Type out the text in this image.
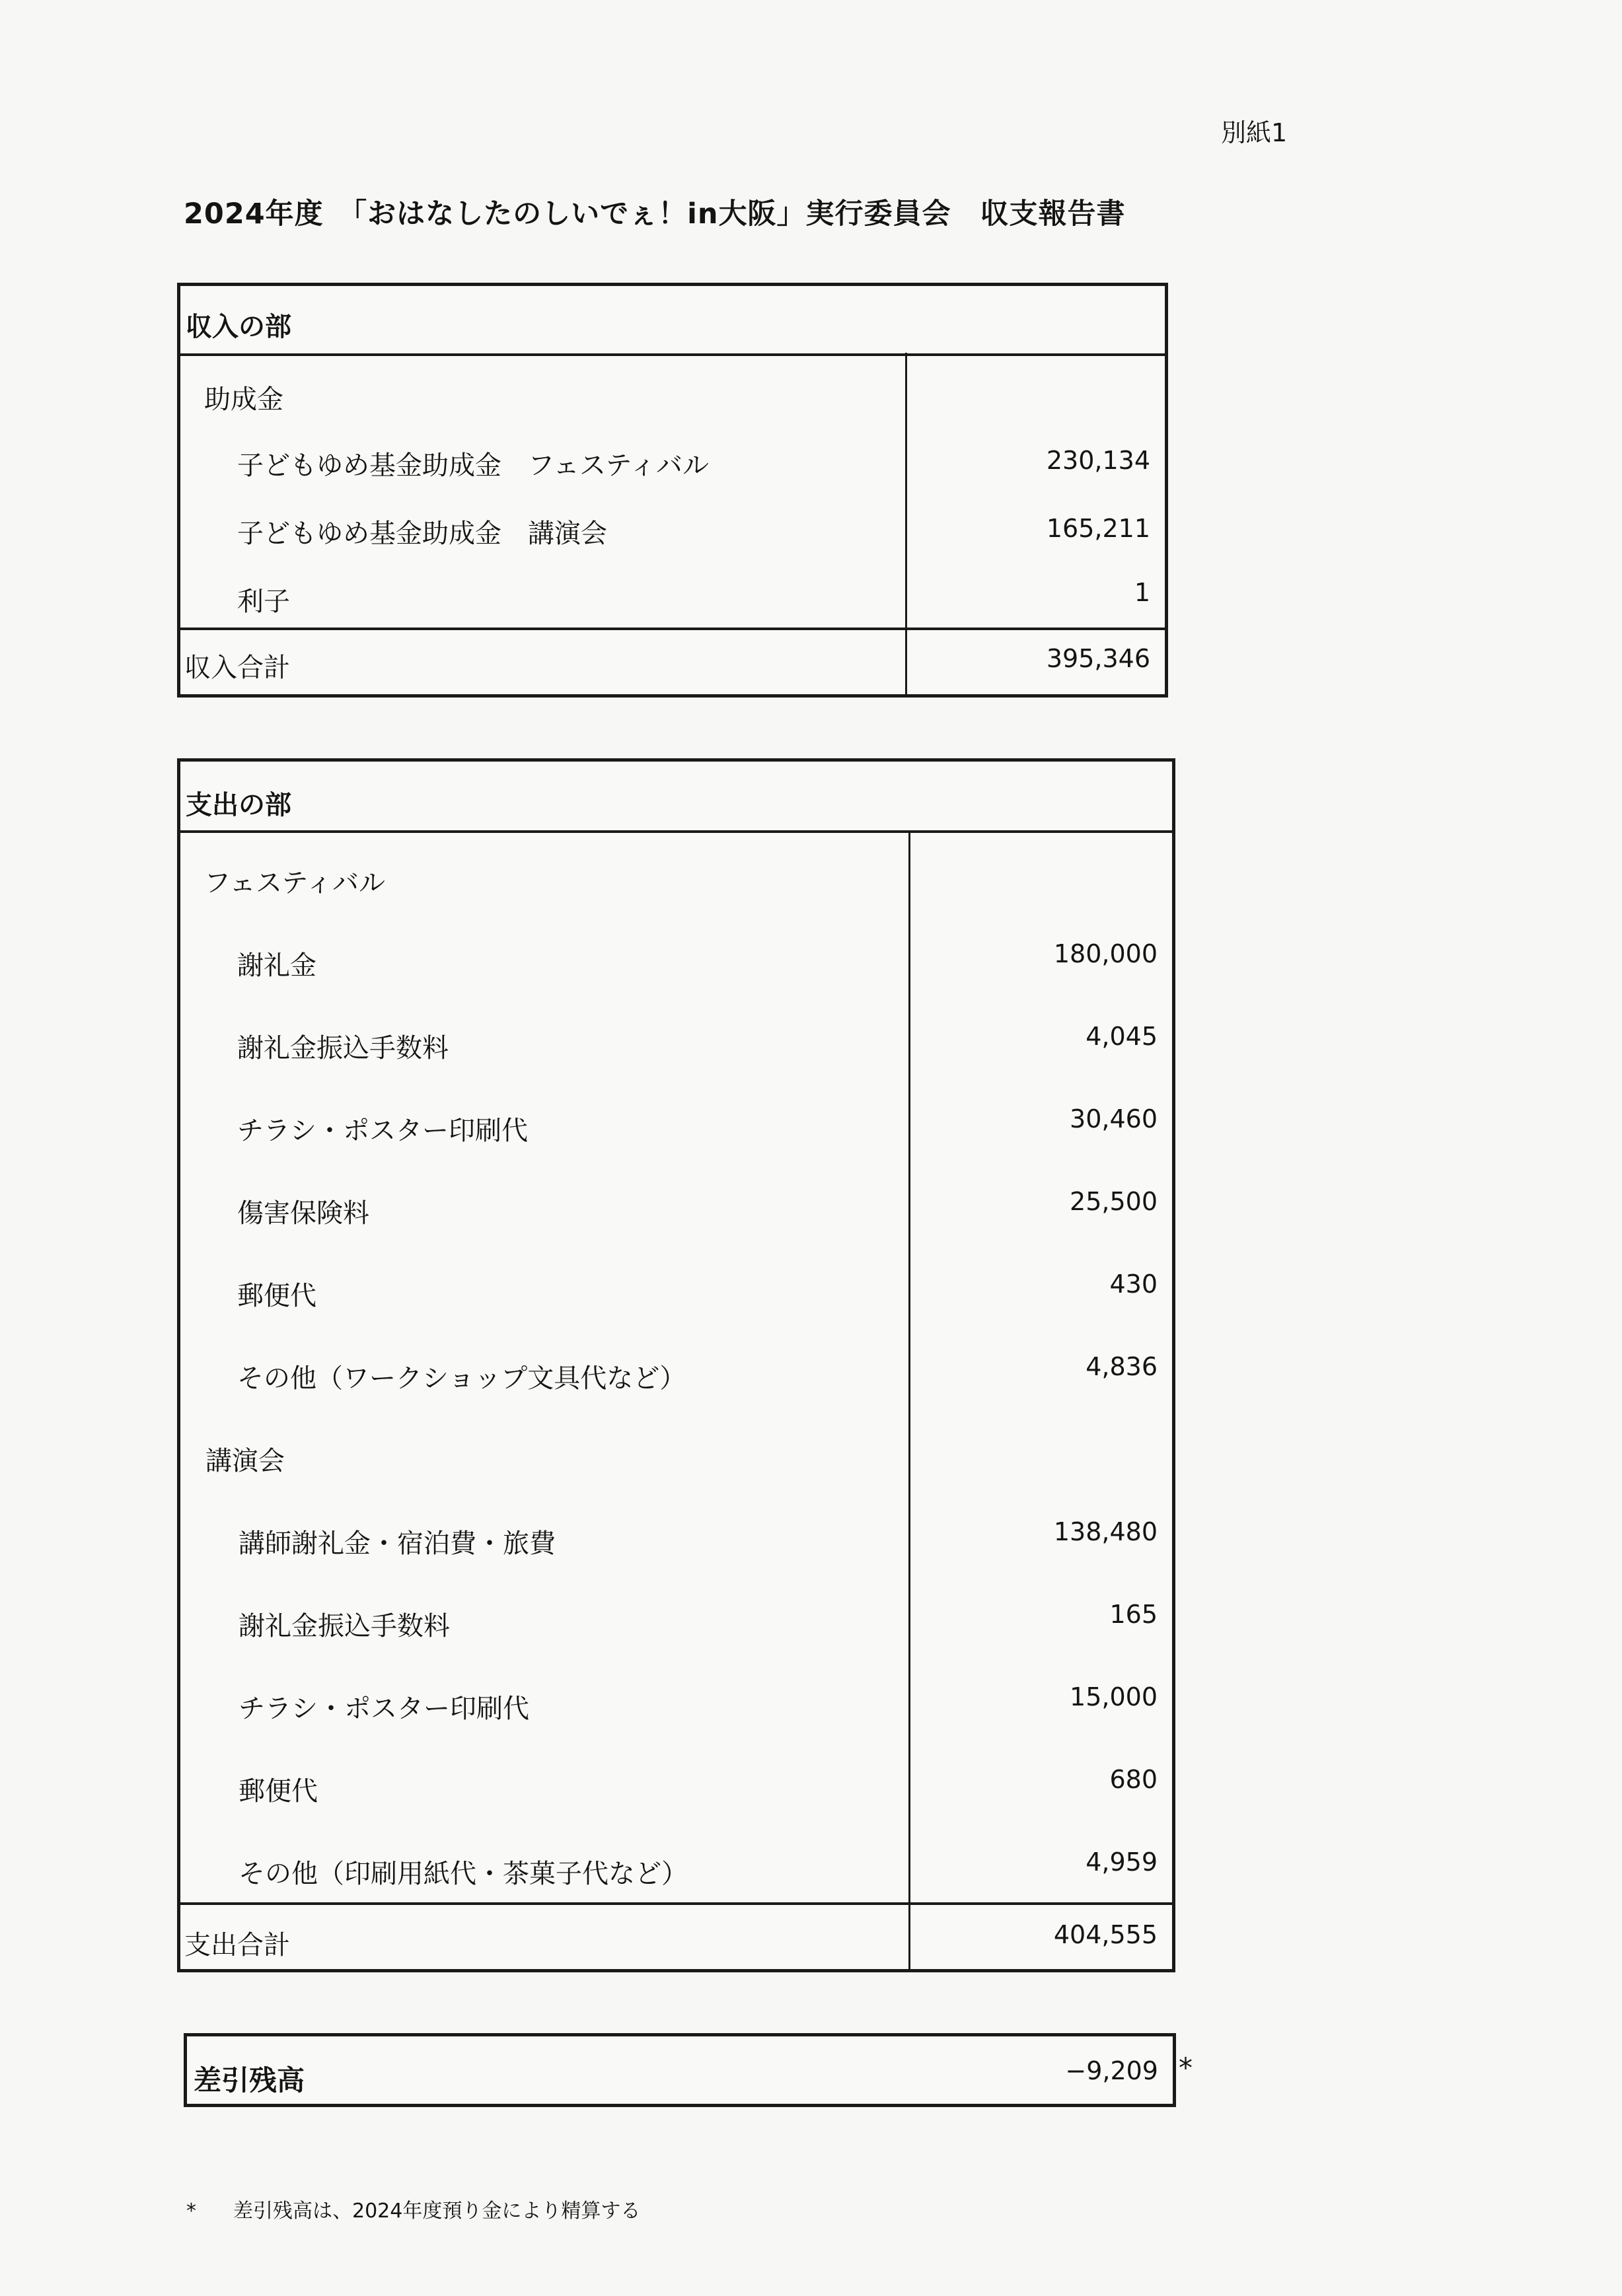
別紙1
2024年度　「おはなしたのしいでぇ！in大阪」実行委員会　収支報告書
収入の部
助成金
子どもゆめ基金助成金　フェスティバル	230,134
子どもゆめ基金助成金　講演会	165,211
利子	1
収入合計	395,346
支出の部
フェスティバル
謝礼金	180,000
謝礼金振込手数料	4,045
チラシ・ポスター印刷代	30,460
傷害保険料	25,500
郵便代	430
その他（ワークショップ文具代など）	4,836
講演会
講師謝礼金・宿泊費・旅費	138,480
謝礼金振込手数料	165
チラシ・ポスター印刷代	15,000
郵便代	680
その他（印刷用紙代・茶菓子代など）	4,959
支出合計	404,555
差引残高	−9,209 *
* 差引残高は、2024年度預り金により精算する
